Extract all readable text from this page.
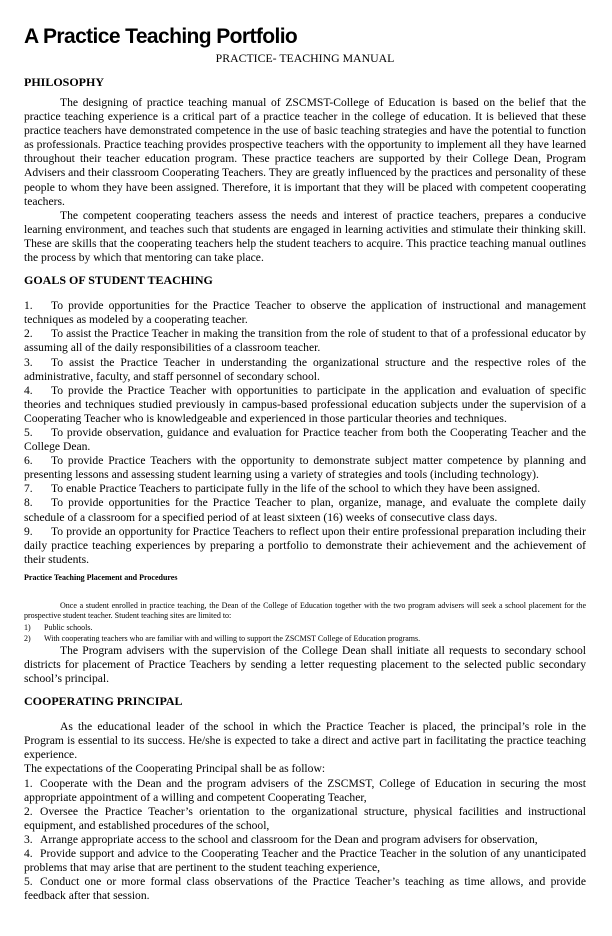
A Practice Teaching Portfolio
PRACTICE- TEACHING MANUAL
PHILOSOPHY

The designing of practice teaching manual of ZSCMST-College of Education is based on the belief that the practice teaching experience is a critical part of a practice teacher in the college of education. It is believed that these practice teachers have demonstrated competence in the use of basic teaching strategies and have the potential to function as professionals. Practice teaching provides prospective teachers with the opportunity to implement all they have learned throughout their teacher education program. These practice teachers are supported by their College Dean, Program Advisers and their classroom Cooperating Teachers. They are greatly influenced by the practices and personality of these people to whom they have been assigned. Therefore, it is important that they will be placed with competent cooperating teachers.

The competent cooperating teachers assess the needs and interest of practice teachers, prepares a conducive learning environment, and teaches such that students are engaged in learning activities and stimulate their thinking skill. These are skills that the cooperating teachers help the student teachers to acquire. This practice teaching manual outlines the process by which that mentoring can take place.

GOALS OF STUDENT TEACHING

1. To provide opportunities for the Practice Teacher to observe the application of instructional and management techniques as modeled by a cooperating teacher.

2. To assist the Practice Teacher in making the transition from the role of student to that of a professional educator by assuming all of the daily responsibilities of a classroom teacher.

3. To assist the Practice Teacher in understanding the organizational structure and the respective roles of the administrative, faculty, and staff personnel of secondary school.

4. To provide the Practice Teacher with opportunities to participate in the application and evaluation of specific theories and techniques studied previously in campus-based professional education subjects under the supervision of a Cooperating Teacher who is knowledgeable and experienced in those particular theories and techniques.

5. To provide observation, guidance and evaluation for Practice teacher from both the Cooperating Teacher and the College Dean.

6. To provide Practice Teachers with the opportunity to demonstrate subject matter competence by planning and presenting lessons and assessing student learning using a variety of strategies and tools (including technology).

7. To enable Practice Teachers to participate fully in the life of the school to which they have been assigned.

8. To provide opportunities for the Practice Teacher to plan, organize, manage, and evaluate the complete daily schedule of a classroom for a specified period of at least sixteen (16) weeks of consecutive class days.

9. To provide an opportunity for Practice Teachers to reflect upon their entire professional preparation including their daily practice teaching experiences by preparing a portfolio to demonstrate their achievement and the achievement of their students.

Practice Teaching Placement and Procedures

Once a student enrolled in practice teaching, the Dean of the College of Education together with the two program advisers will seek a school placement for the prospective student teacher. Student teaching sites are limited to:

1) Public schools.

2) With cooperating teachers who are familiar with and willing to support the ZSCMST College of Education programs.

The Program advisers with the supervision of the College Dean shall initiate all requests to secondary school districts for placement of Practice Teachers by sending a letter requesting placement to the selected public secondary school’s principal.

COOPERATING PRINCIPAL

As the educational leader of the school in which the Practice Teacher is placed, the principal’s role in the Program is essential to its success. He/she is expected to take a direct and active part in facilitating the practice teaching experience.

The expectations of the Cooperating Principal shall be as follow:

1. Cooperate with the Dean and the program advisers of the ZSCMST, College of Education in securing the most appropriate appointment of a willing and competent Cooperating Teacher,

2. Oversee the Practice Teacher’s orientation to the organizational structure, physical facilities and instructional equipment, and established procedures of the school,

3. Arrange appropriate access to the school and classroom for the Dean and program advisers for observation,

4. Provide support and advice to the Cooperating Teacher and the Practice Teacher in the solution of any unanticipated problems that may arise that are pertinent to the student teaching experience,

5. Conduct one or more formal class observations of the Practice Teacher’s teaching as time allows, and provide feedback after that session.
